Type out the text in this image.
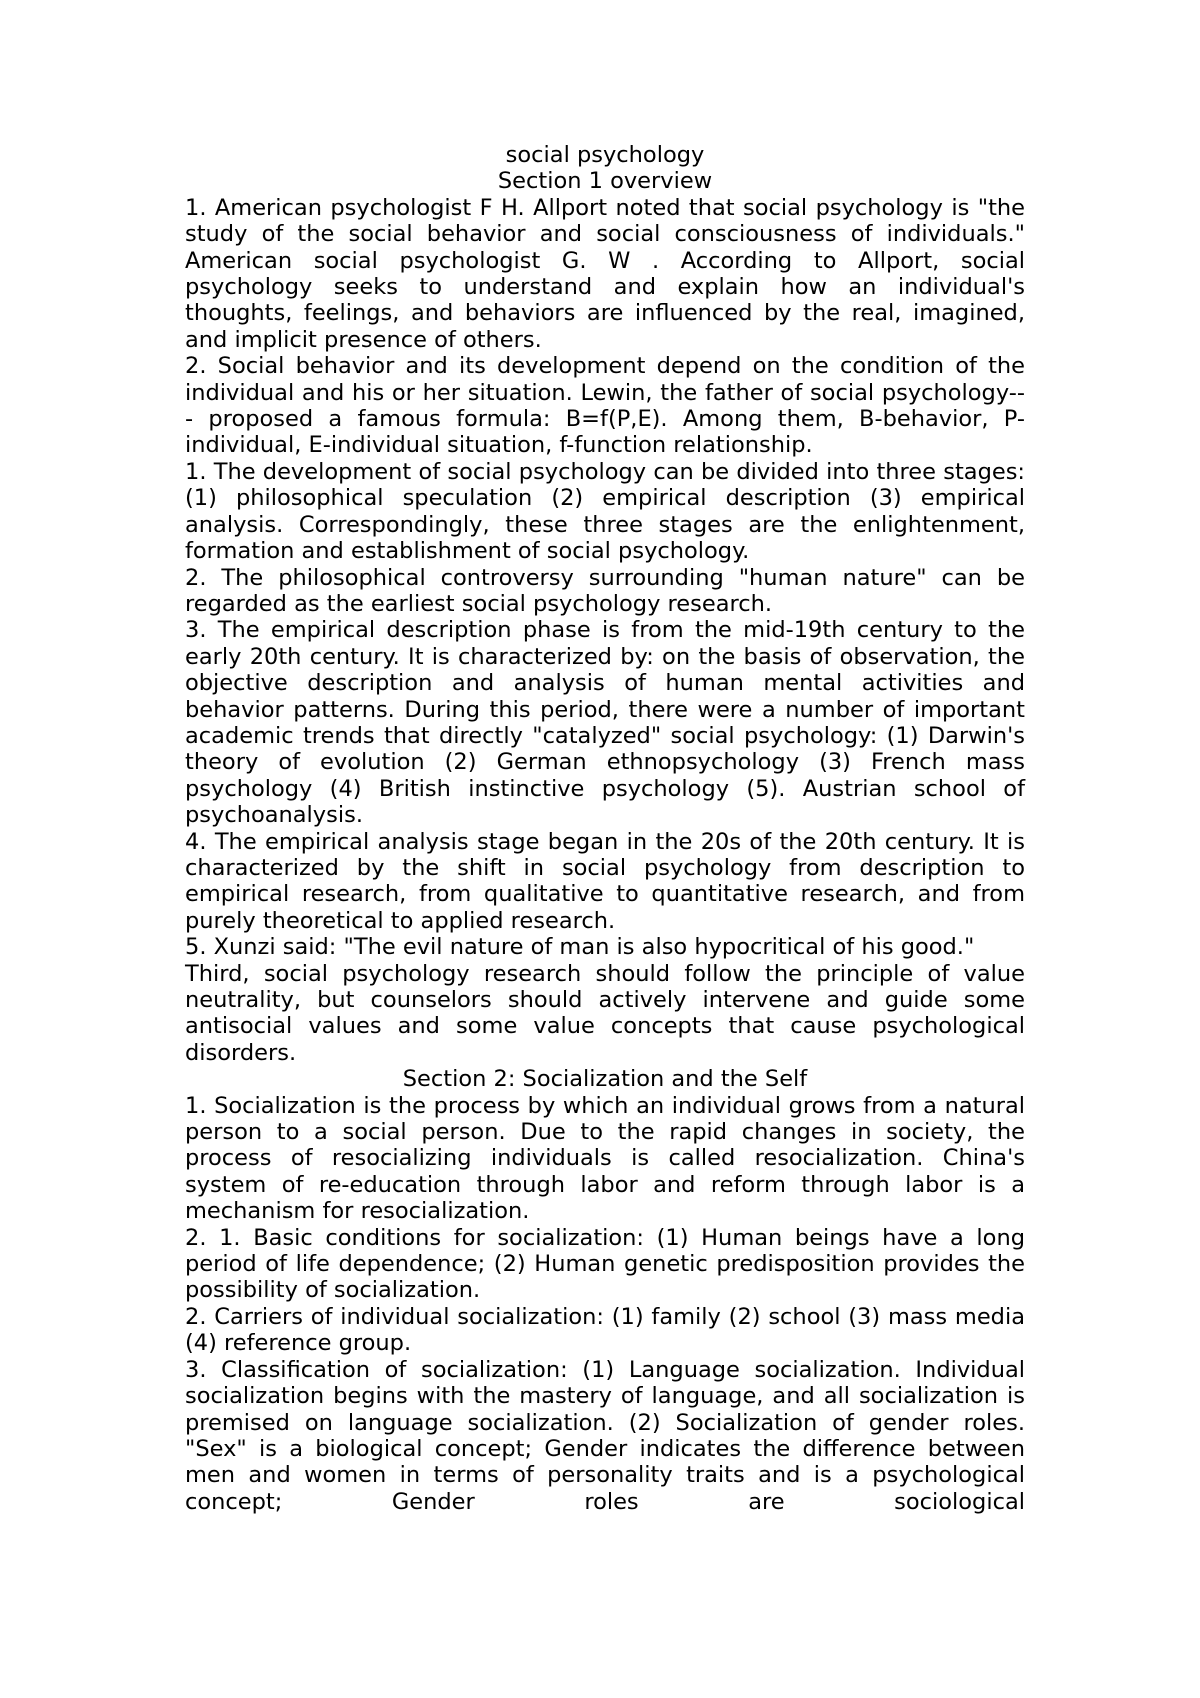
social psychology
Section 1 overview

1. American psychologist F H. Allport noted that social psychology is "the study of the social behavior and social consciousness of individuals." American social psychologist G. W . According to Allport, social psychology seeks to understand and explain how an individual's thoughts, feelings, and behaviors are influenced by the real, imagined, and implicit presence of others.

2. Social behavior and its development depend on the condition of the individual and his or her situation. Lewin, the father of social psychology--- proposed a famous formula: B=f(P,E). Among them, B-behavior, P-individual, E-individual situation, f-function relationship.

1. The development of social psychology can be divided into three stages: (1) philosophical speculation (2) empirical description (3) empirical analysis. Correspondingly, these three stages are the enlightenment, formation and establishment of social psychology.

2. The philosophical controversy surrounding "human nature" can be regarded as the earliest social psychology research.

3. The empirical description phase is from the mid-19th century to the early 20th century. It is characterized by: on the basis of observation, the objective description and analysis of human mental activities and behavior patterns. During this period, there were a number of important academic trends that directly "catalyzed" social psychology: (1) Darwin's theory of evolution (2) German ethnopsychology (3) French mass psychology (4) British instinctive psychology (5). Austrian school of psychoanalysis.

4. The empirical analysis stage began in the 20s of the 20th century. It is characterized by the shift in social psychology from description to empirical research, from qualitative to quantitative research, and from purely theoretical to applied research.

5. Xunzi said: "The evil nature of man is also hypocritical of his good."

Third, social psychology research should follow the principle of value neutrality, but counselors should actively intervene and guide some antisocial values and some value concepts that cause psychological disorders.

Section 2: Socialization and the Self

1. Socialization is the process by which an individual grows from a natural person to a social person. Due to the rapid changes in society, the process of resocializing individuals is called resocialization. China's system of re-education through labor and reform through labor is a mechanism for resocialization.

2. 1. Basic conditions for socialization: (1) Human beings have a long period of life dependence; (2) Human genetic predisposition provides the possibility of socialization.

2. Carriers of individual socialization: (1) family (2) school (3) mass media (4) reference group.

3. Classification of socialization: (1) Language socialization. Individual socialization begins with the mastery of language, and all socialization is premised on language socialization. (2) Socialization of gender roles. "Sex" is a biological concept; Gender indicates the difference between men and women in terms of personality traits and is a psychological concept; Gender roles are sociological
